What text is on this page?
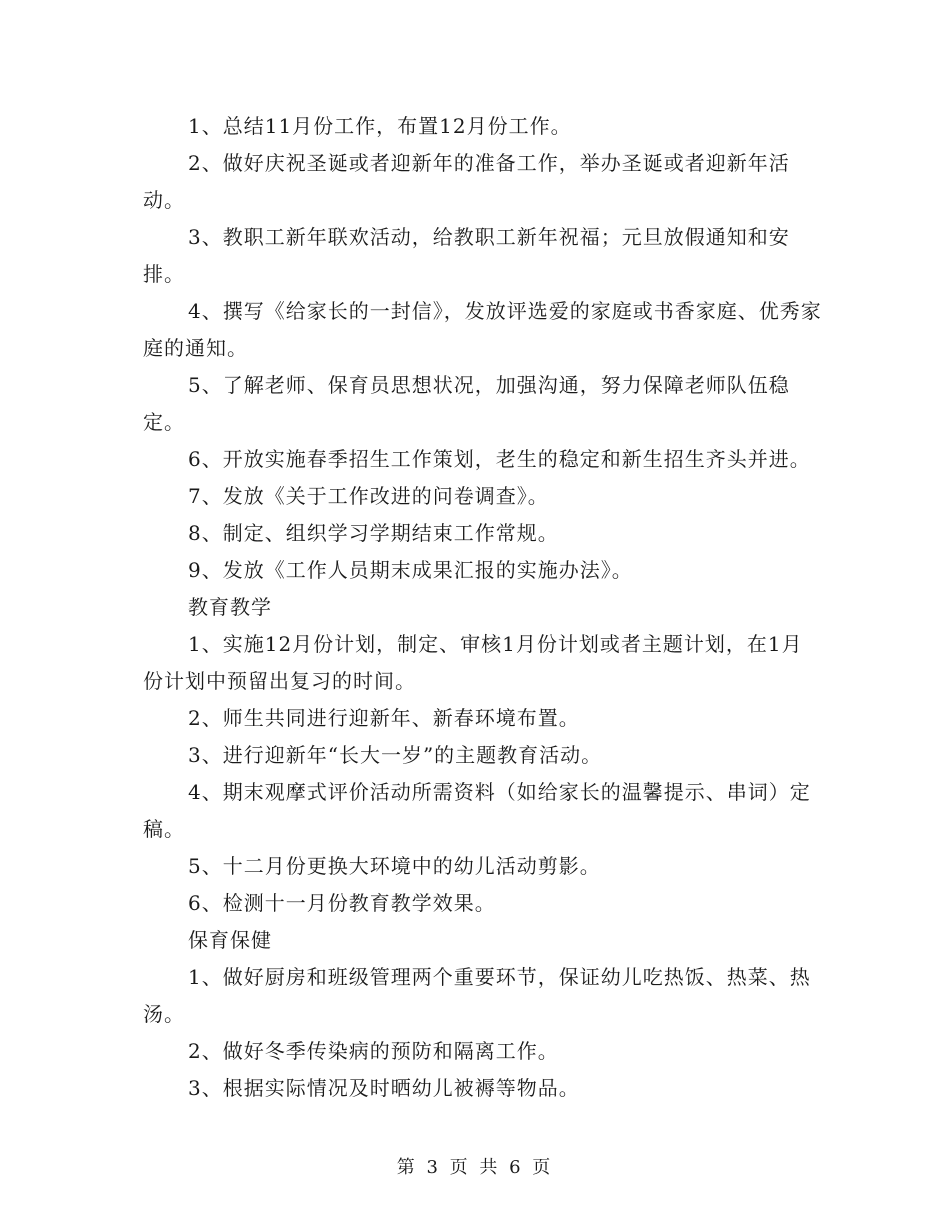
1、总结11月份工作，布置12月份工作。

2、做好庆祝圣诞或者迎新年的准备工作，举办圣诞或者迎新年活动。

3、教职工新年联欢活动，给教职工新年祝福；元旦放假通知和安排。

4、撰写《给家长的一封信》，发放评选爱的家庭或书香家庭、优秀家庭的通知。

5、了解老师、保育员思想状况，加强沟通，努力保障老师队伍稳定。

6、开放实施春季招生工作策划，老生的稳定和新生招生齐头并进。

7、发放《关于工作改进的问卷调查》。

8、制定、组织学习学期结束工作常规。

9、发放《工作人员期末成果汇报的实施办法》。

教育教学

1、实施12月份计划，制定、审核1月份计划或者主题计划，在1月份计划中预留出复习的时间。

2、师生共同进行迎新年、新春环境布置。

3、进行迎新年“长大一岁”的主题教育活动。

4、期末观摩式评价活动所需资料（如给家长的温馨提示、串词）定稿。

5、十二月份更换大环境中的幼儿活动剪影。

6、检测十一月份教育教学效果。

保育保健

1、做好厨房和班级管理两个重要环节，保证幼儿吃热饭、热菜、热汤。

2、做好冬季传染病的预防和隔离工作。

3、根据实际情况及时晒幼儿被褥等物品。

第 3 页 共 6 页
